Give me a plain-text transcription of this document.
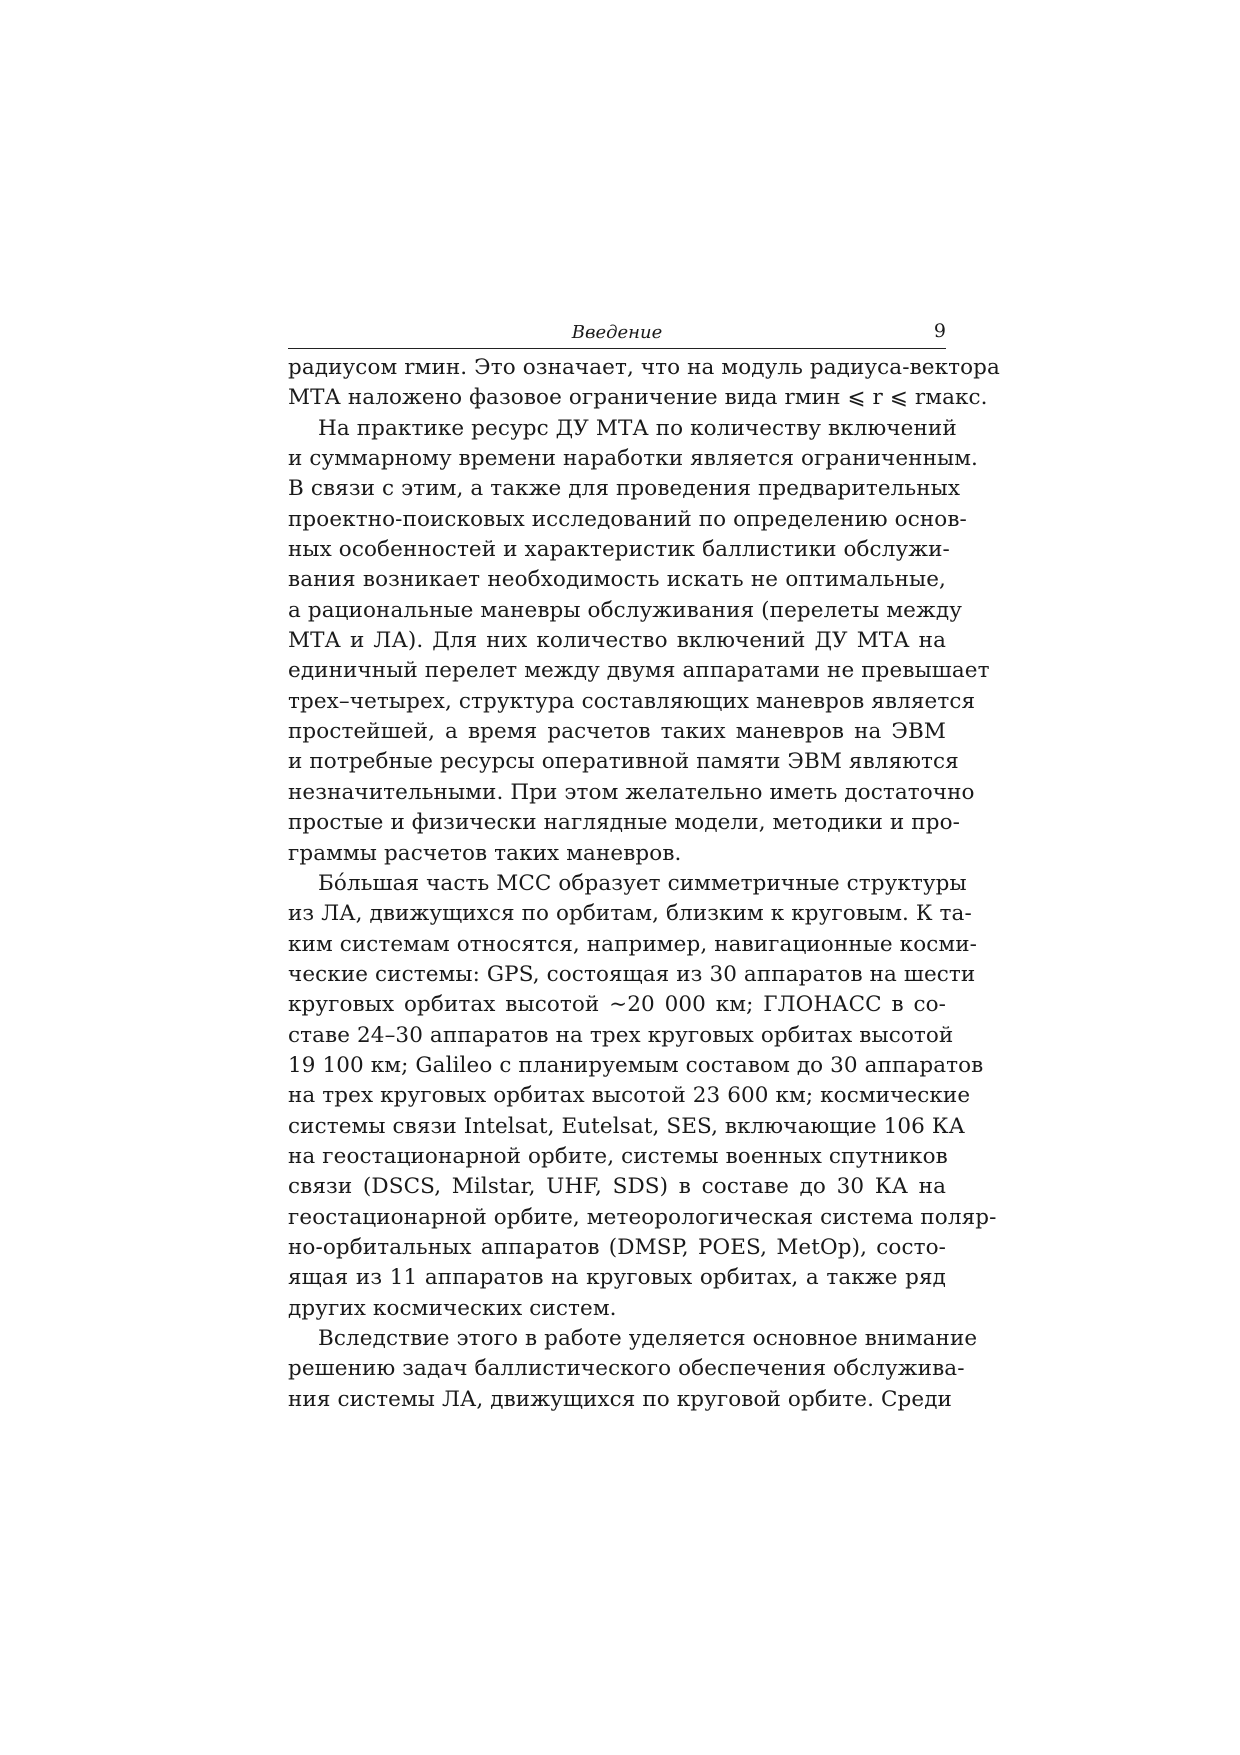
Введение	9
радиусом rмин. Это означает, что на модуль радиуса-вектора
МТА наложено фазовое ограничение вида rмин ⩽ r ⩽ rмакс.
На практике ресурс ДУ МТА по количеству включений
и суммарному времени наработки является ограниченным.
В связи с этим, а также для проведения предварительных
проектно-поисковых исследований по определению основ-
ных особенностей и характеристик баллистики обслужи-
вания возникает необходимость искать не оптимальные,
а рациональные маневры обслуживания (перелеты между
МТА и ЛА). Для них количество включений ДУ МТА на
единичный перелет между двумя аппаратами не превышает
трех–четырех, структура составляющих маневров является
простейшей, а время расчетов таких маневров на ЭВМ
и потребные ресурсы оперативной памяти ЭВМ являются
незначительными. При этом желательно иметь достаточно
простые и физически наглядные модели, методики и про-
граммы расчетов таких маневров.
Бо́льшая часть МСС образует симметричные структуры
из ЛА, движущихся по орбитам, близким к круговым. К та-
ким системам относятся, например, навигационные косми-
ческие системы: GPS, состоящая из 30 аппаратов на шести
круговых орбитах высотой ∼20 000 км; ГЛОНАСС в со-
ставе 24–30 аппаратов на трех круговых орбитах высотой
19 100 км; Galileo с планируемым составом до 30 аппаратов
на трех круговых орбитах высотой 23 600 км; космические
системы связи Intelsat, Eutelsat, SES, включающие 106 КА
на геостационарной орбите, системы военных спутников
связи (DSCS, Milstar, UHF, SDS) в составе до 30 КА на
геостационарной орбите, метеорологическая система поляр-
но-орбитальных аппаратов (DMSP, POES, MetOp), состо-
ящая из 11 аппаратов на круговых орбитах, а также ряд
других космических систем.
Вследствие этого в работе уделяется основное внимание
решению задач баллистического обеспечения обслужива-
ния системы ЛА, движущихся по круговой орбите. Среди
